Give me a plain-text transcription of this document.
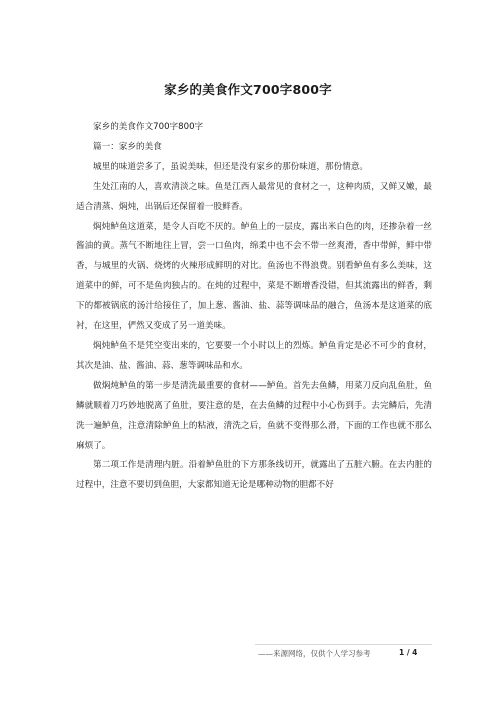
家乡的美食作文700字800字

家乡的美食作文700字800字

篇一：家乡的美食

城里的味道尝多了，虽说美味，但还是没有家乡的那份味道，那份情意。

生处江南的人，喜欢清淡之味。鱼是江西人最常见的食材之一，这种肉质，又鲜又嫩，最适合清蒸、焖炖，出锅后还保留着一股鲜香。

焖炖鲈鱼这道菜，是令人百吃不厌的。鲈鱼上的一层皮，露出米白色的肉，还掺杂着一丝酱油的黄。蒸气不断地往上冒，尝一口鱼肉，绵柔中也不会不带一丝爽滑，香中带鲜，鲜中带香，与城里的火锅、烧烤的火辣形成鲜明的对比。鱼汤也不得浪费。别看鲈鱼有多么美味，这道菜中的鲜，可不是鱼肉独占的。在炖的过程中，菜是不断增香没错，但其流露出的鲜香，剩下的都被锅底的汤汁给接住了，加上葱、酱油、盐、蒜等调味品的融合，鱼汤本是这道菜的底衬，在这里，俨然又变成了另一道美味。

焖炖鲈鱼不是凭空变出来的，它要要一个小时以上的烈炼。鲈鱼肯定是必不可少的食材，其次是油、盐、酱油、蒜、葱等调味品和水。

做焖炖鲈鱼的第一步是清洗最重要的食材——鲈鱼。首先去鱼鳞，用菜刀反向乱鱼肚，鱼鳞就顺着刀巧妙地脱离了鱼肚，要注意的是，在去鱼鳞的过程中小心伤到手。去完鳞后，先清洗一遍鲈鱼，注意清除鲈鱼上的粘液，清洗之后，鱼就不变得那么滑，下面的工作也就不那么麻烦了。

第二项工作是清理内脏。沿着鲈鱼肚的下方那条线切开，就露出了五脏六腑。在去内脏的过程中，注意不要切到鱼胆，大家都知道无论是哪种动物的胆都不好

——来源网络，仅供个人学习参考	1 / 4
